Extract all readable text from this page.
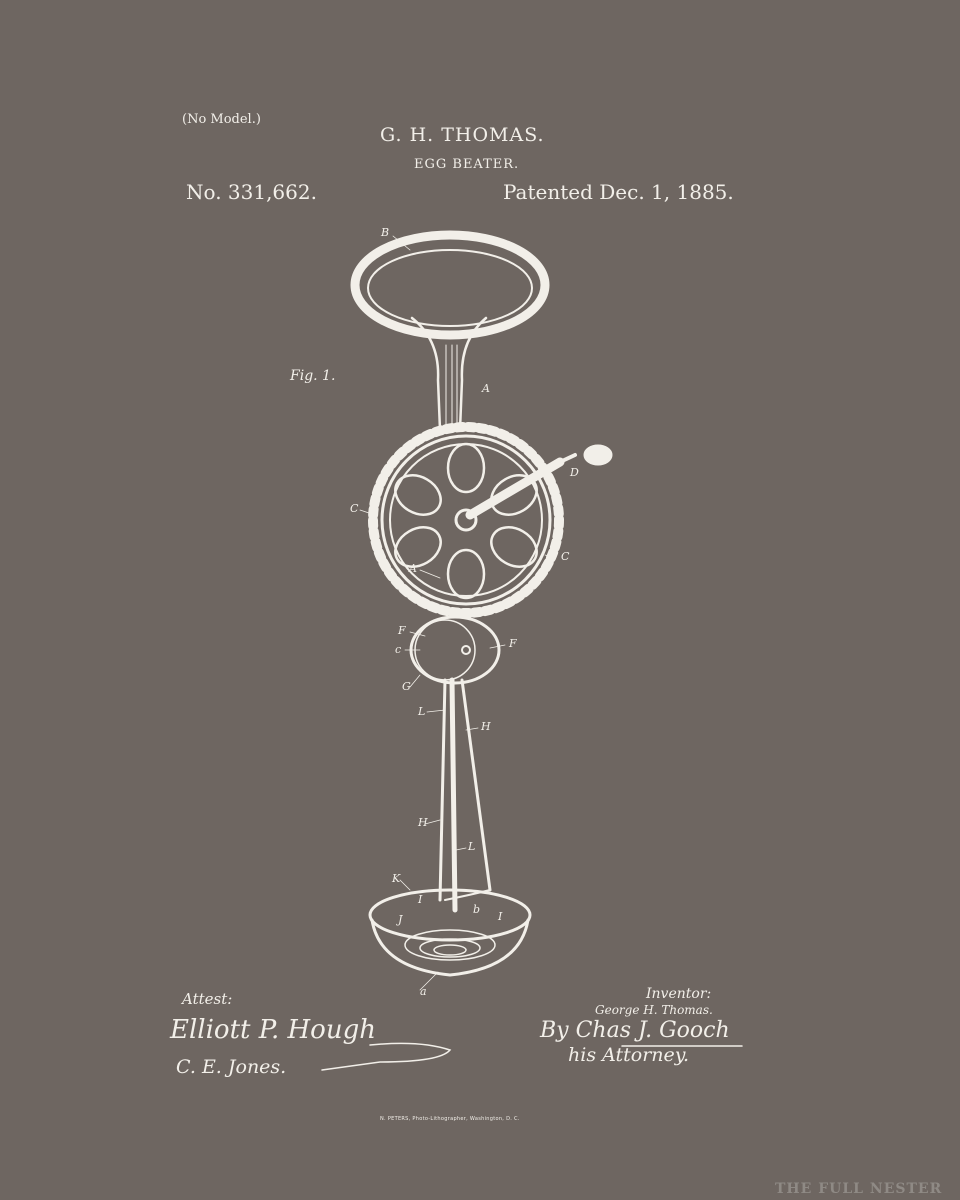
(No Model.)
G. H. THOMAS.
EGG BEATER.
No. 331,662.	Patented Dec. 1, 1885.
Fig. 1.
B
A
D
C
C
A
F
c	F
G
L
H
H
L
K
I
b
I
J
a
Attest:
Elliott P. Hough
C. E. Jones.
Inventor:
George H. Thomas.
By Chas J. Gooch
his Attorney.
N. PETERS, Photo-Lithographer, Washington, D. C.
THE FULL NESTER
